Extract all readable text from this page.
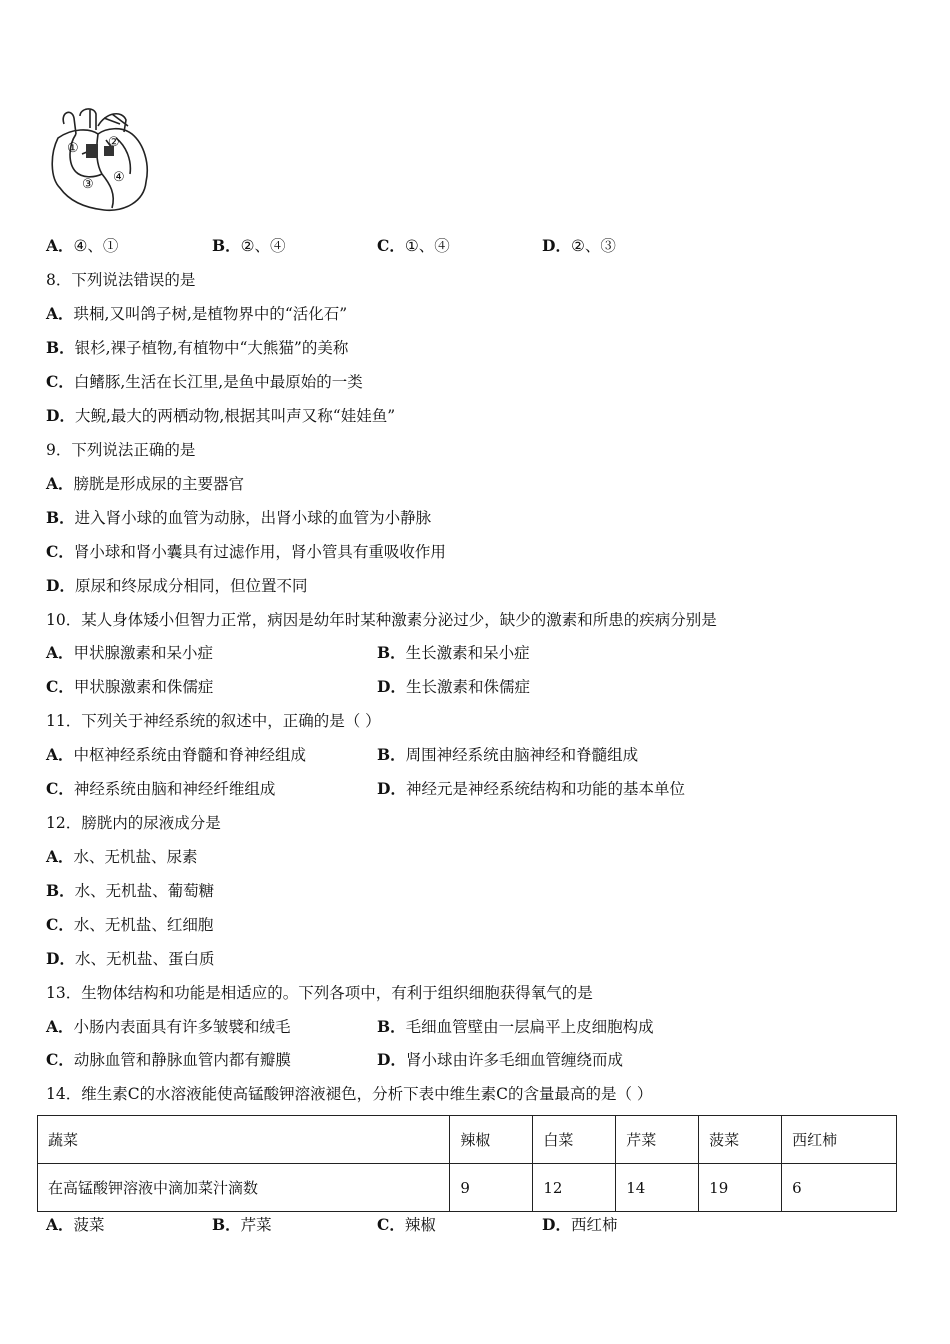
① ②
③ ④
A．④、①	B．②、④	C．①、④	D．②、③
8．下列说法错误的是
A．珙桐,又叫鸽子树,是植物界中的“活化石”
B．银杉,裸子植物,有植物中“大熊猫”的美称
C．白鳍豚,生活在长江里,是鱼中最原始的一类
D．大鲵,最大的两栖动物,根据其叫声又称“娃娃鱼”
9．下列说法正确的是
A．膀胱是形成尿的主要器官
B．进入肾小球的血管为动脉，出肾小球的血管为小静脉
C．肾小球和肾小囊具有过滤作用，肾小管具有重吸收作用
D．原尿和终尿成分相同，但位置不同
10．某人身体矮小但智力正常，病因是幼年时某种激素分泌过少，缺少的激素和所患的疾病分别是
A．甲状腺激素和呆小症	B．生长激素和呆小症
C．甲状腺激素和侏儒症	D．生长激素和侏儒症
11．下列关于神经系统的叙述中，正确的是（ ）
A．中枢神经系统由脊髓和脊神经组成	B．周围神经系统由脑神经和脊髓组成
C．神经系统由脑和神经纤维组成	D．神经元是神经系统结构和功能的基本单位
12．膀胱内的尿液成分是
A．水、无机盐、尿素
B．水、无机盐、葡萄糖
C．水、无机盐、红细胞
D．水、无机盐、蛋白质
13．生物体结构和功能是相适应的。下列各项中，有利于组织细胞获得氧气的是
A．小肠内表面具有许多皱襞和绒毛	B．毛细血管壁由一层扁平上皮细胞构成
C．动脉血管和静脉血管内都有瓣膜	D．肾小球由许多毛细血管缠绕而成
14．维生素C的水溶液能使高锰酸钾溶液褪色，分析下表中维生素C的含量最高的是（ ）
蔬菜	辣椒	白菜	芹菜	菠菜	西红柿
在高锰酸钾溶液中滴加菜汁滴数	9	12	14	19	6
A．菠菜	B．芹菜	C．辣椒	D．西红柿
